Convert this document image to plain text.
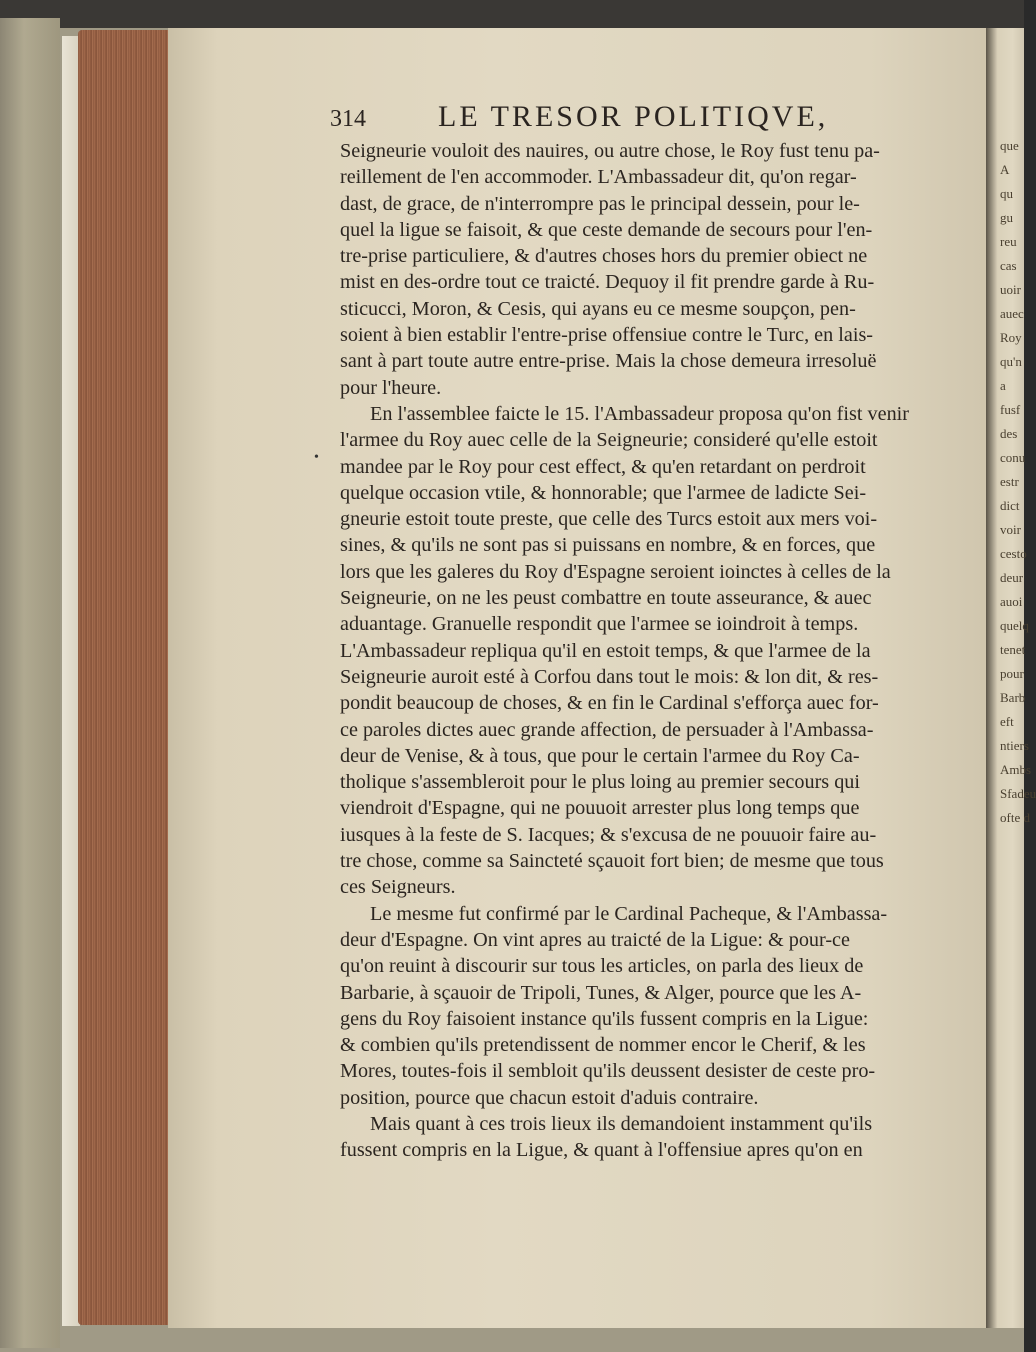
que
A
qu
gu
reu
cas
uoir
auec
Roy
qu'n
a
fusf
des
conu
estr
dict
voir
cesto
deur
auoi
quelq
tenet
pour
Barb
eft
ntiers
Ambs
Sfadeu
ofte d
314 LE TRESOR POLITIQVE,
•
Seigneurie vouloit des nauires, ou autre chose, le Roy fust tenu pa-
reillement de l'en accommoder. L'Ambassadeur dit, qu'on regar-
dast, de grace, de n'interrompre pas le principal dessein, pour le-
quel la ligue se faisoit, & que ceste demande de secours pour l'en-
tre-prise particuliere, & d'autres choses hors du premier obiect ne
mist en des-ordre tout ce traicté. Dequoy il fit prendre garde à Ru-
sticucci, Moron, & Cesis, qui ayans eu ce mesme soupçon, pen-
soient à bien establir l'entre-prise offensiue contre le Turc, en lais-
sant à part toute autre entre-prise. Mais la chose demeura irresoluë
pour l'heure.
En l'assemblee faicte le 15. l'Ambassadeur proposa qu'on fist venir
l'armee du Roy auec celle de la Seigneurie; consideré qu'elle estoit
mandee par le Roy pour cest effect, & qu'en retardant on perdroit
quelque occasion vtile, & honnorable; que l'armee de ladicte Sei-
gneurie estoit toute preste, que celle des Turcs estoit aux mers voi-
sines, & qu'ils ne sont pas si puissans en nombre, & en forces, que
lors que les galeres du Roy d'Espagne seroient ioinctes à celles de la
Seigneurie, on ne les peust combattre en toute asseurance, & auec
aduantage. Granuelle respondit que l'armee se ioindroit à temps.
L'Ambassadeur repliqua qu'il en estoit temps, & que l'armee de la
Seigneurie auroit esté à Corfou dans tout le mois: & lon dit, & res-
pondit beaucoup de choses, & en fin le Cardinal s'efforça auec for-
ce paroles dictes auec grande affection, de persuader à l'Ambassa-
deur de Venise, & à tous, que pour le certain l'armee du Roy Ca-
tholique s'assembleroit pour le plus loing au premier secours qui
viendroit d'Espagne, qui ne pouuoit arrester plus long temps que
iusques à la feste de S. Iacques; & s'excusa de ne pouuoir faire au-
tre chose, comme sa Saincteté sçauoit fort bien; de mesme que tous
ces Seigneurs.
Le mesme fut confirmé par le Cardinal Pacheque, & l'Ambassa-
deur d'Espagne. On vint apres au traicté de la Ligue: & pour-ce
qu'on reuint à discourir sur tous les articles, on parla des lieux de
Barbarie, à sçauoir de Tripoli, Tunes, & Alger, pource que les A-
gens du Roy faisoient instance qu'ils fussent compris en la Ligue:
& combien qu'ils pretendissent de nommer encor le Cherif, & les
Mores, toutes-fois il sembloit qu'ils deussent desister de ceste pro-
position, pource que chacun estoit d'aduis contraire.
Mais quant à ces trois lieux ils demandoient instamment qu'ils
fussent compris en la Ligue, & quant à l'offensiue apres qu'on en
